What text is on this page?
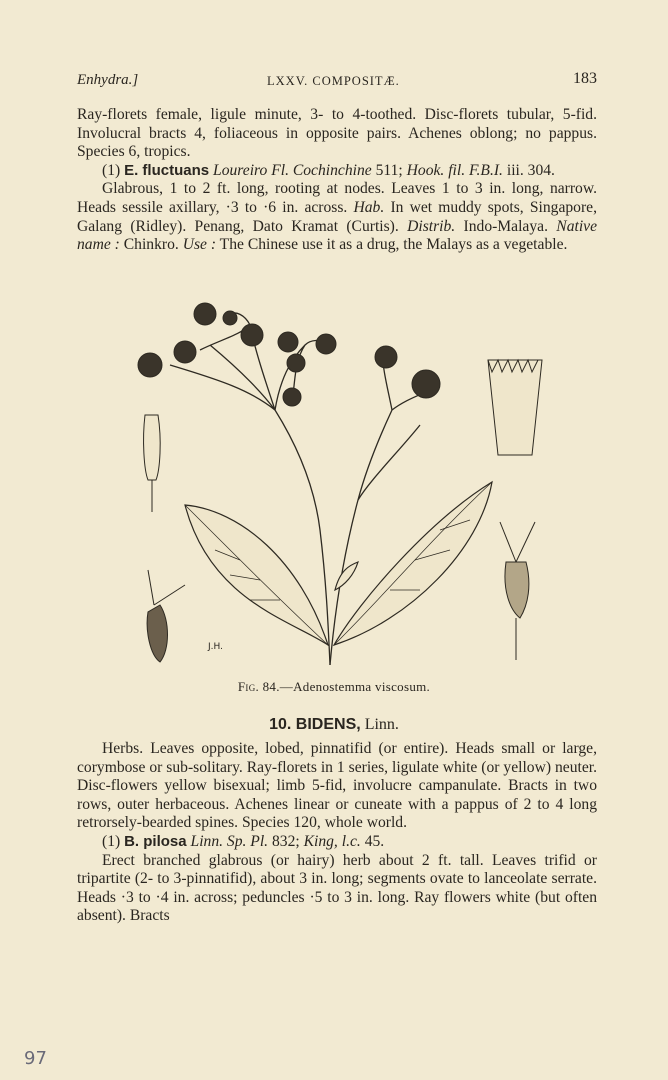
Enhydra.]	LXXV. COMPOSITÆ.	183

Ray-florets female, ligule minute, 3- to 4-toothed. Disc-florets tubular, 5-fid. Involucral bracts 4, foliaceous in opposite pairs. Achenes oblong; no pappus. Species 6, tropics.

(1) E. fluctuans Loureiro Fl. Cochinchine 511; Hook. fil. F.B.I. iii. 304.

Glabrous, 1 to 2 ft. long, rooting at nodes. Leaves 1 to 3 in. long, narrow. Heads sessile axillary, ·3 to ·6 in. across. Hab. In wet muddy spots, Singapore, Galang (Ridley). Penang, Dato Kramat (Curtis). Distrib. Indo-Malaya. Native name : Chinkro. Use : The Chinese use it as a drug, the Malays as a vegetable.

J.H.
Fig. 84.—Adenostemma viscosum.
10. BIDENS, Linn.

Herbs. Leaves opposite, lobed, pinnatifid (or entire). Heads small or large, corymbose or sub-solitary. Ray-florets in 1 series, ligulate white (or yellow) neuter. Disc-flowers yellow bisexual; limb 5-fid, involucre campanulate. Bracts in two rows, outer herbaceous. Achenes linear or cuneate with a pappus of 2 to 4 long retrorsely-bearded spines. Species 120, whole world.

(1) B. pilosa Linn. Sp. Pl. 832; King, l.c. 45.

Erect branched glabrous (or hairy) herb about 2 ft. tall. Leaves trifid or tripartite (2- to 3-pinnatifid), about 3 in. long; segments ovate to lanceolate serrate. Heads ·3 to ·4 in. across; peduncles ·5 to 3 in. long. Ray flowers white (but often absent). Bracts

97
